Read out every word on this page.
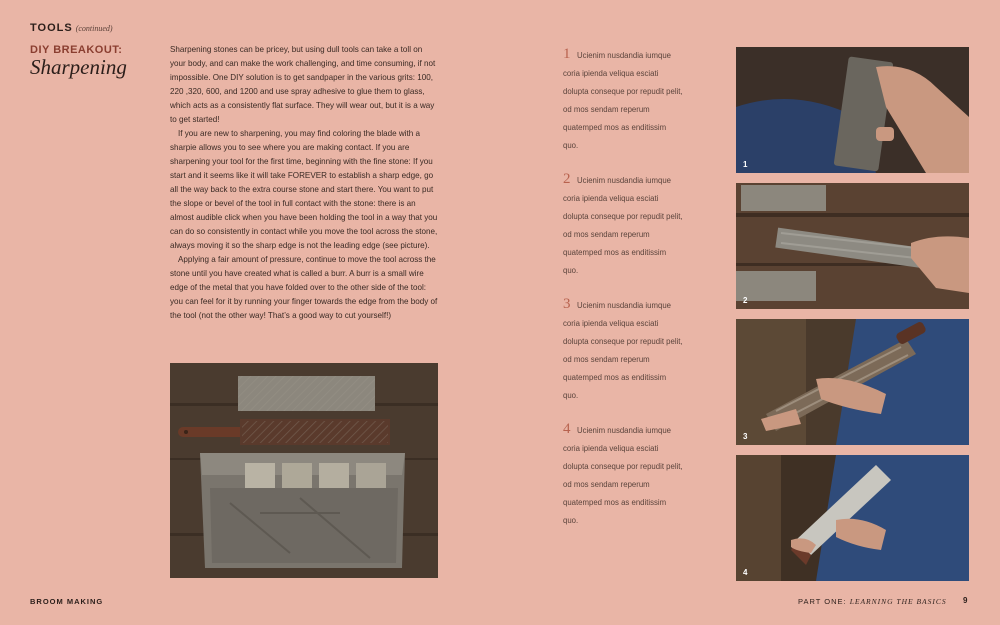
TOOLS (continued)
DIY BREAKOUT:
Sharpening

Sharpening stones can be pricey, but using dull tools can take a toll on your body, and can make the work challenging, and time consuming, if not impossible. One DIY solution is to get sandpaper in the various grits: 100, 220 ,320, 600, and 1200 and use spray adhesive to glue them to glass, which acts as a consistently flat surface. They will wear out, but it is a way to get started!

If you are new to sharpening, you may find coloring the blade with a sharpie allows you to see where you are making contact. If you are sharpening your tool for the first time, beginning with the fine stone: If you start and it seems like it will take FOREVER to establish a sharp edge, go all the way back to the extra course stone and start there. You want to put the slope or bevel of the tool in full contact with the stone: there is an almost audible click when you have been holding the tool in a way that you can do so consistently in contact while you move the tool across the stone, always moving it so the sharp edge is not the leading edge (see picture).

Applying a fair amount of pressure, continue to move the tool across the stone until you have created what is called a burr. A burr is a small wire edge of the metal that you have folded over to the other side of the tool: you can feel for it by running your finger towards the edge from the body of the tool (not the other way! That’s a good way to cut yourself!)

1 Ucienim nusdandia iumque coria ipienda veliqua esciati dolupta conseque por repudit pelit, od mos sendam reperum quatemped mos as enditissim quo.
2 Ucienim nusdandia iumque coria ipienda veliqua esciati dolupta conseque por repudit pelit, od mos sendam reperum quatemped mos as enditissim quo.
3 Ucienim nusdandia iumque coria ipienda veliqua esciati dolupta conseque por repudit pelit, od mos sendam reperum quatemped mos as enditissim quo.
4 Ucienim nusdandia iumque coria ipienda veliqua esciati dolupta conseque por repudit pelit, od mos sendam reperum quatemped mos as enditissim quo.
1
2
3
4
BROOM MAKING	PART ONE: LEARNING THE BASICS 9
